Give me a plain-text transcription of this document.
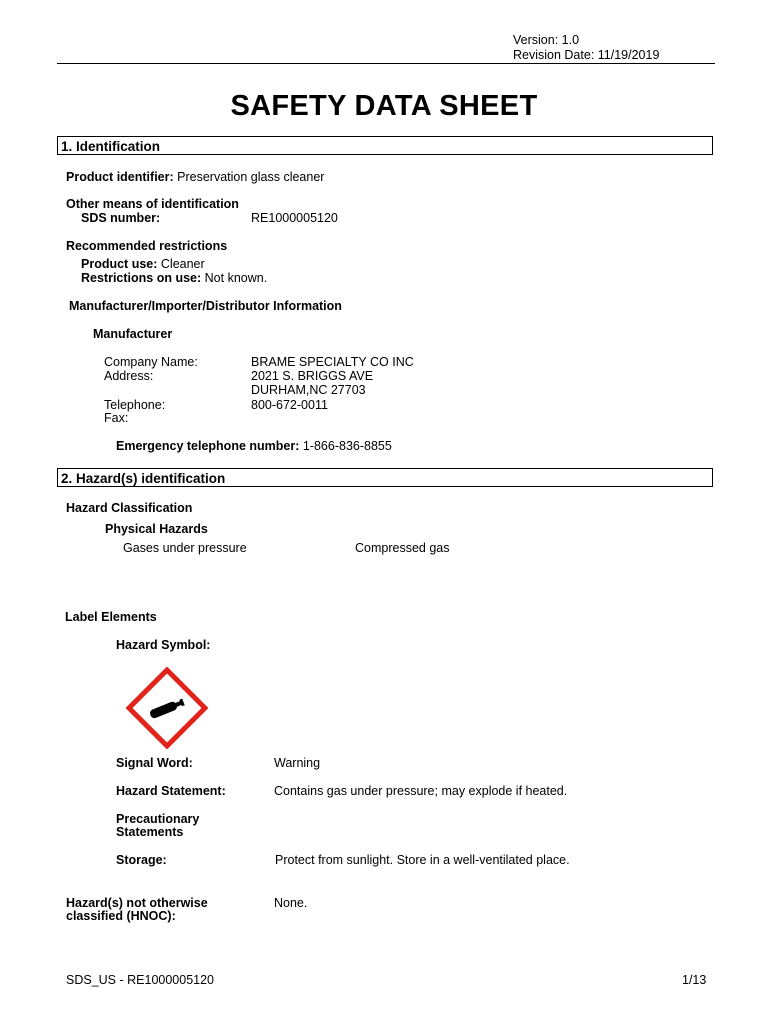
Version: 1.0
Revision Date: 11/19/2019
SAFETY DATA SHEET
1. Identification
Product identifier: Preservation glass cleaner
Other means of identification
SDS number:	RE1000005120
Recommended restrictions
Product use: Cleaner
Restrictions on use: Not known.
Manufacturer/Importer/Distributor Information
Manufacturer
Company Name:	BRAME SPECIALTY CO INC
Address:	2021 S. BRIGGS AVE
DURHAM,NC 27703
Telephone:	800-672-0011
Fax:
Emergency telephone number: 1-866-836-8855
2. Hazard(s) identification
Hazard Classification
Physical Hazards
Gases under pressure	Compressed gas
Label Elements
Hazard Symbol:
Signal Word:	Warning
Hazard Statement:	Contains gas under pressure; may explode if heated.
Precautionary
Statements
Storage:	Protect from sunlight. Store in a well-ventilated place.
Hazard(s) not otherwise
classified (HNOC):
None.
SDS_US - RE1000005120	1/13
